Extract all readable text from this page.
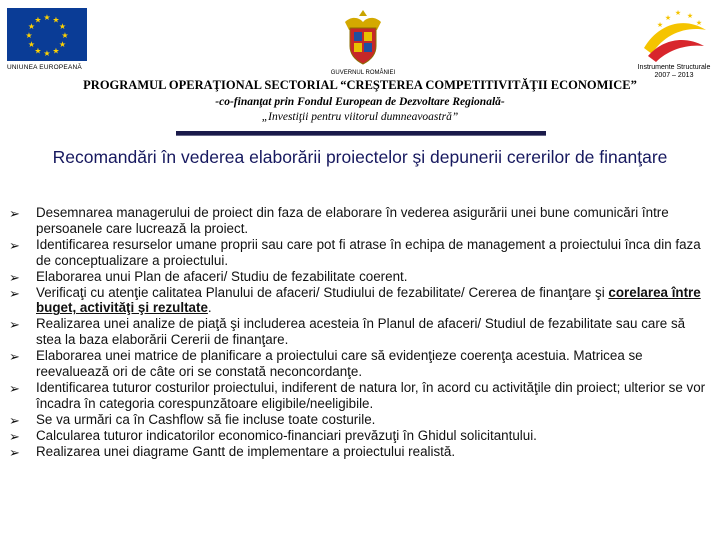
★ ★
★
★
★
★
★
★
★
★
★
★
UNIUNEA EUROPEANĂ
GUVERNUL ROMÂNIEI
★ ★
★
★
★
Instrumente Structurale
2007 – 2013
PROGRAMUL OPERAŢIONAL SECTORIAL “CREŞTEREA COMPETITIVITĂŢII ECONOMICE”
-co-finanţat prin Fondul European de Dezvoltare Regională-
„Investiţii pentru viitorul dumneavoastră”
Recomandări în vederea elaborării proiectelor şi depunerii cererilor de finanţare
➢ Desemnarea managerului de proiect din faza de elaborare în vederea asigurării unei bune comunicări între persoanele care lucrează la proiect.
➢ Identificarea resurselor umane proprii sau care pot fi atrase în echipa de management a proiectului înca din faza de conceptualizare a proiectului.
➢ Elaborarea unui Plan de afaceri/ Studiu de fezabilitate coerent.
➢ Verificaţi cu atenţie calitatea Planului de afaceri/ Studiului de fezabilitate/ Cererea de finanţare şi corelarea între buget, activităţi şi rezultate.
➢ Realizarea unei analize de piaţă şi includerea acesteia în Planul de afaceri/ Studiul de fezabilitate sau care să stea la baza elaborării Cererii de finanţare.
➢ Elaborarea unei matrice de planificare a proiectului care să evidenţieze coerenţa acestuia. Matricea se reevaluează ori de câte ori se constată neconcordanţe.
➢ Identificarea tuturor costurilor proiectului, indiferent de natura lor, în acord cu activităţile din proiect; ulterior se vor încadra în categoria corespunzătoare eligibile/neeligibile.
➢ Se va urmări ca în Cashflow să fie incluse toate costurile.
➢ Calcularea tuturor indicatorilor economico-financiari prevăzuţi în Ghidul solicitantului.
➢ Realizarea unei diagrame Gantt de implementare a proiectului realistă.
